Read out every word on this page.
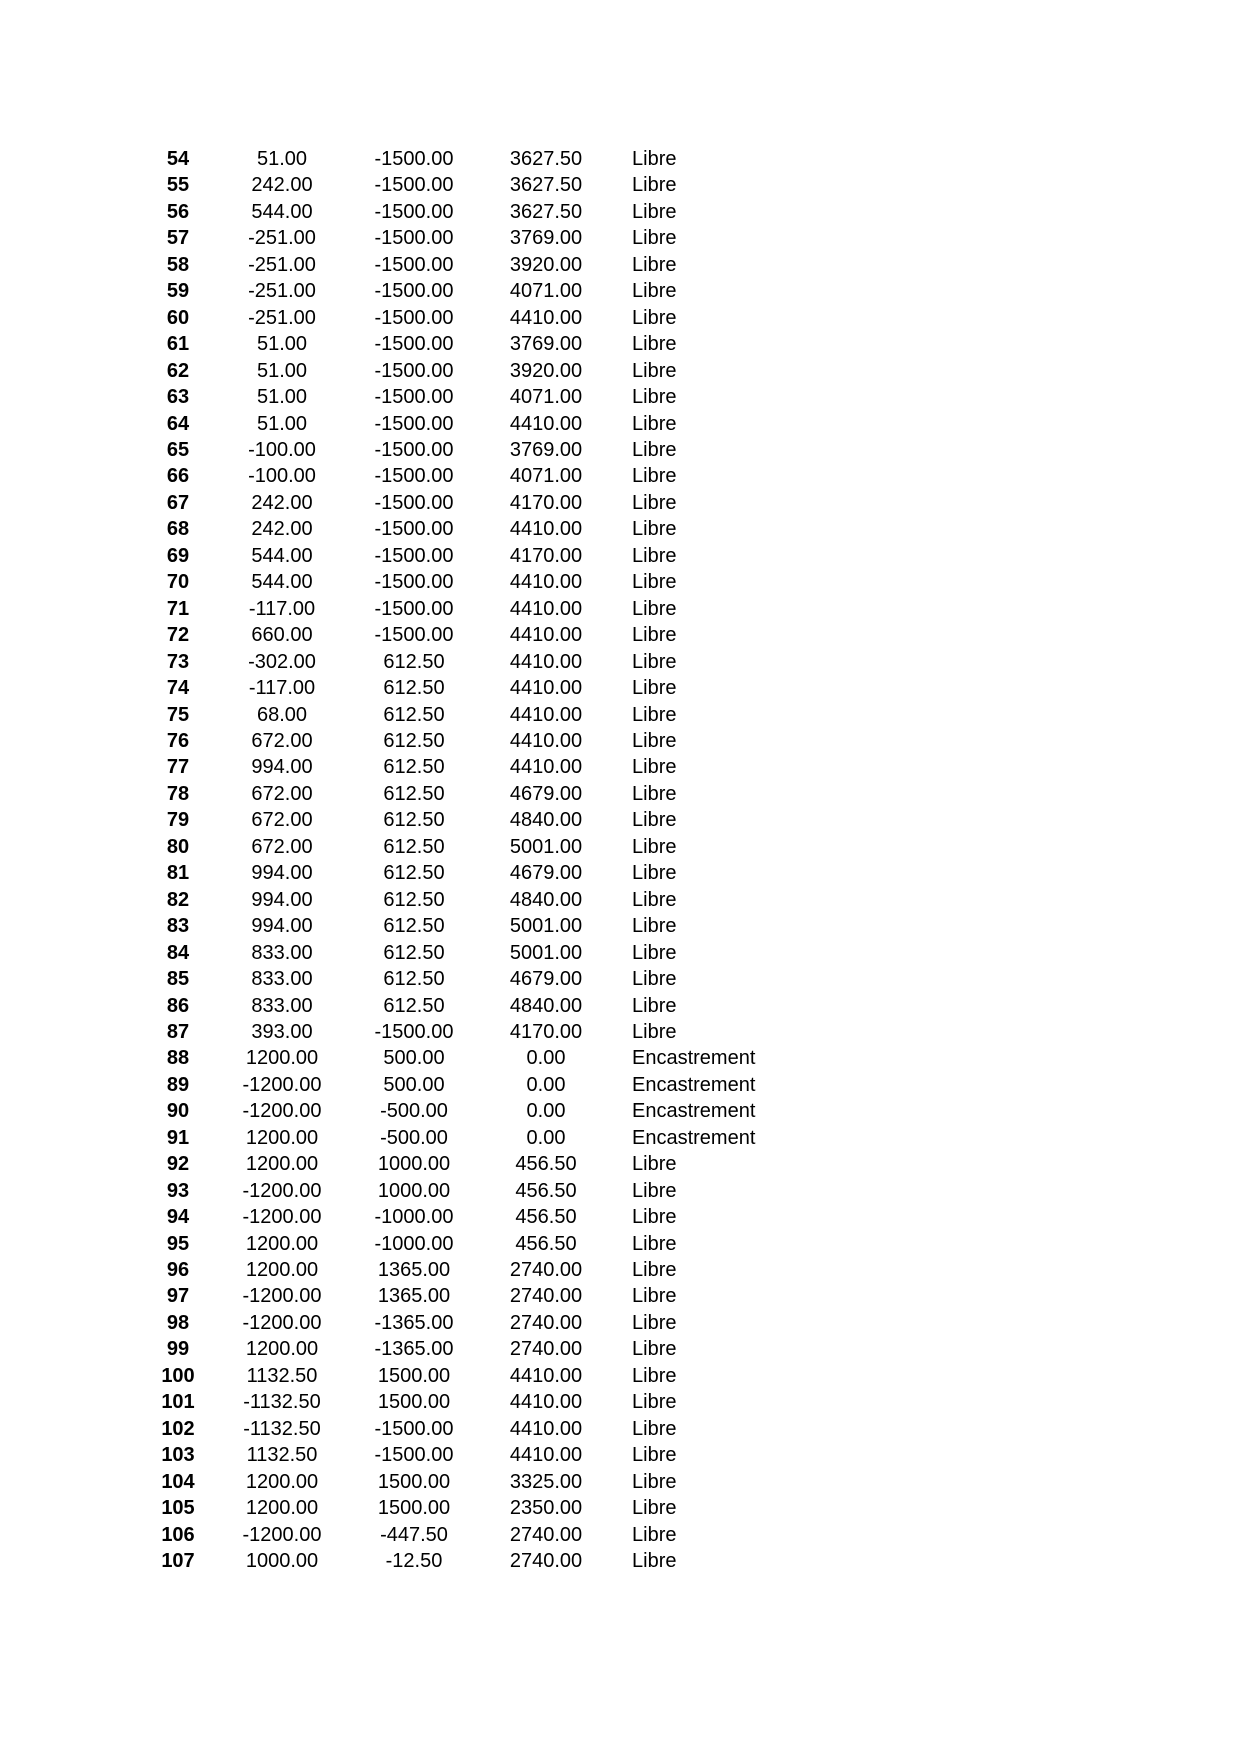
54	51.00	-1500.00	3627.50	Libre
55	242.00	-1500.00	3627.50	Libre
56	544.00	-1500.00	3627.50	Libre
57	-251.00	-1500.00	3769.00	Libre
58	-251.00	-1500.00	3920.00	Libre
59	-251.00	-1500.00	4071.00	Libre
60	-251.00	-1500.00	4410.00	Libre
61	51.00	-1500.00	3769.00	Libre
62	51.00	-1500.00	3920.00	Libre
63	51.00	-1500.00	4071.00	Libre
64	51.00	-1500.00	4410.00	Libre
65	-100.00	-1500.00	3769.00	Libre
66	-100.00	-1500.00	4071.00	Libre
67	242.00	-1500.00	4170.00	Libre
68	242.00	-1500.00	4410.00	Libre
69	544.00	-1500.00	4170.00	Libre
70	544.00	-1500.00	4410.00	Libre
71	-117.00	-1500.00	4410.00	Libre
72	660.00	-1500.00	4410.00	Libre
73	-302.00	612.50	4410.00	Libre
74	-117.00	612.50	4410.00	Libre
75	68.00	612.50	4410.00	Libre
76	672.00	612.50	4410.00	Libre
77	994.00	612.50	4410.00	Libre
78	672.00	612.50	4679.00	Libre
79	672.00	612.50	4840.00	Libre
80	672.00	612.50	5001.00	Libre
81	994.00	612.50	4679.00	Libre
82	994.00	612.50	4840.00	Libre
83	994.00	612.50	5001.00	Libre
84	833.00	612.50	5001.00	Libre
85	833.00	612.50	4679.00	Libre
86	833.00	612.50	4840.00	Libre
87	393.00	-1500.00	4170.00	Libre
88	1200.00	500.00	0.00	Encastrement
89	-1200.00	500.00	0.00	Encastrement
90	-1200.00	-500.00	0.00	Encastrement
91	1200.00	-500.00	0.00	Encastrement
92	1200.00	1000.00	456.50	Libre
93	-1200.00	1000.00	456.50	Libre
94	-1200.00	-1000.00	456.50	Libre
95	1200.00	-1000.00	456.50	Libre
96	1200.00	1365.00	2740.00	Libre
97	-1200.00	1365.00	2740.00	Libre
98	-1200.00	-1365.00	2740.00	Libre
99	1200.00	-1365.00	2740.00	Libre
100	1132.50	1500.00	4410.00	Libre
101	-1132.50	1500.00	4410.00	Libre
102	-1132.50	-1500.00	4410.00	Libre
103	1132.50	-1500.00	4410.00	Libre
104	1200.00	1500.00	3325.00	Libre
105	1200.00	1500.00	2350.00	Libre
106	-1200.00	-447.50	2740.00	Libre
107	1000.00	-12.50	2740.00	Libre
